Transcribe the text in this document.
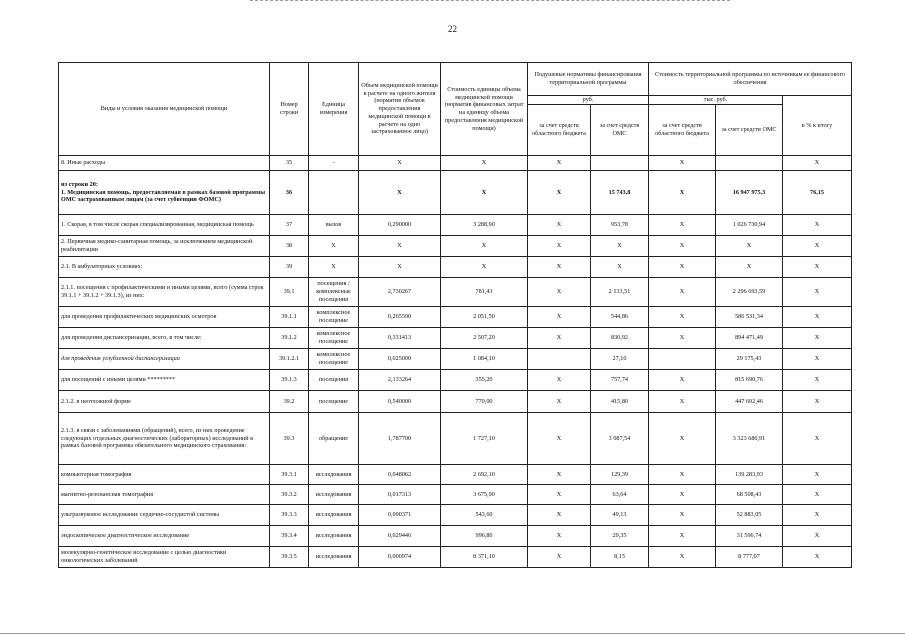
22
Виды и условия оказания медицинской помощи	Номер строки	Единица измерения	Объем медицинской помощи в расчете на одного жителя (норматив объемов предоставления медицинской помощи в расчете на одно застрахованное лицо)	Стоимость единицы объема медицинской помощи (норматив финансовых затрат на единицу объема предоставления медицинской помощи)	Подушевые нормативы финансирования территориальной программы		Стоимость территориальной программы по источникам ее финансового обеспечения		
					руб.		тыс. руб.		в % к итогу
					за счет средств областного бюджета	за счет средств ОМС	за счет средств областного бюджета	за счет средств ОМС	
8. Иные расходы	35	-	X	X	X		X		X
из строки 20:
1. Медицинская помощь, предоставляемая в рамках базовой программы ОМС застрахованным лицам (за счет субвенции ФОМС)	36		X	X	X	15 743,8	X	16 947 975,3	76,15
1. Скорая, в том числе скорая специализированная, медицинская помощь	37	вызов	0,290000	3 288,90	X	953,78	X	1 026 730,94	X
2. Первичная медико-санитарная помощь, за исключением медицинской реабилитации	38	X	X	X	X	X	X	X	X
2.1. В амбулаторных условиях:	39	X	X	X	X	X	X	X	X
2.1.1. посещения с профилактическими и иными целями, всего (сумма строк 39.1.1 + 39.1.2 + 39.1.3), из них:	39.1	посещения / комплексные посещения	2,730267	781,43	X	2 133,51	X	2 296 693,59	X
для проведения профилактических медицинских осмотров	39.1.1	комплексное посещение	0,265590	2 051,50	X	544,86	X	586 531,34	X
для проведения диспансеризации, всего, в том числе:	39.1.2	комплексное посещение	0,331413	2 507,20	X	830,92	X	894 471,49	X
для проведения углубленной диспансеризации	39.1.2.1	комплексное посещение	0,025000	1 084,10		27,10		29 175,43	X
для посещений с иными целями *********	39.1.3	посещения	2,133264	355,20	X	757,74	X	815 690,76	X
2.1.2. в неотложной форме	39.2	посещение	0,540000	770,00	X	415,80	X	447 602,46	X
2.1.3. в связи с заболеваниями (обращений), всего, из них проведение следующих отдельных диагностических (лабораторных) исследований в рамках базовой программы обязательного медицинского страхования:	39.3	обращение	1,787700	1 727,10	X	3 087,54	X	3 323 686,91	X
компьютерная томография	39.3.1	исследования	0,048062	2 692,10	X	129,39	X	139 283,93	X
магнитно-резонансная томография	39.3.2	исследования	0,017313	3 675,90	X	63,64	X	68 508,43	X
ультразвуковое исследование сердечно-сосудистой системы	39.3.3	исследования	0,090371	543,60	X	49,13	X	52 883,05	X
эндоскопическое диагностическое исследование	39.3.4	исследования	0,029446	996,80	X	29,35	X	31 596,74	X
молекулярно-генетическое исследование с целью диагностики онкологических заболеваний	39.3.5	исследования	0,000974	8 371,10	X	8,15	X	8 777,07	X
